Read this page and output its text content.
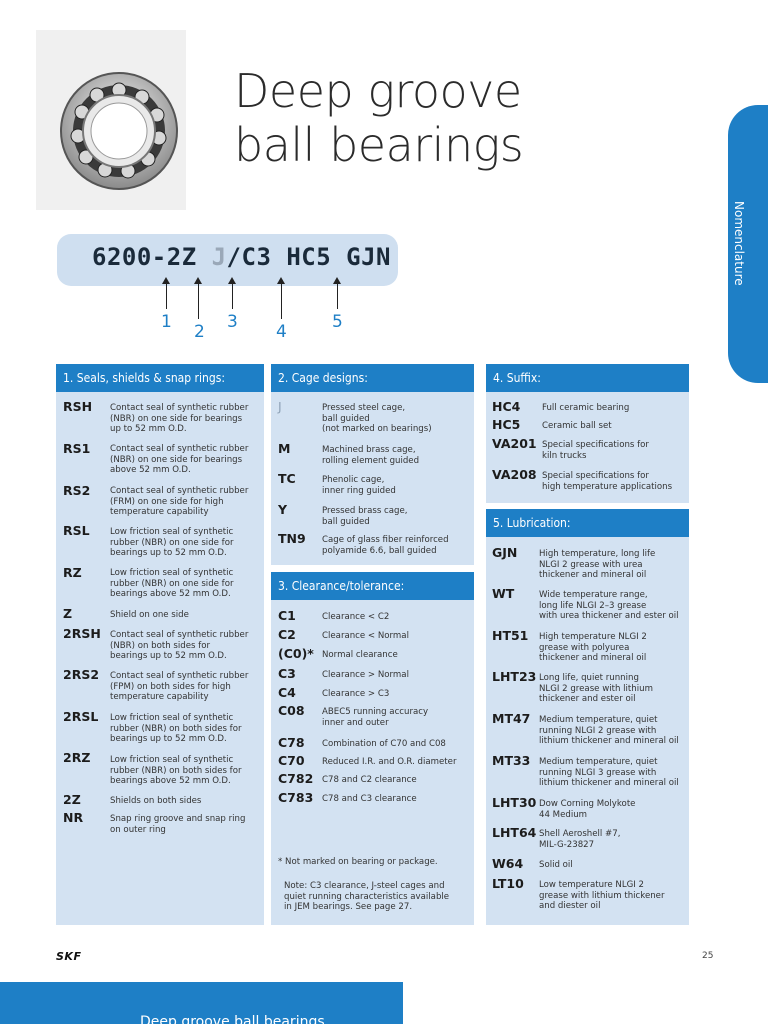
Deep groove
ball bearings
Nomenclature
6200-2Z J/C3 HC5 GJN
1 2 3 4	5
1. Seals, shields & snap rings:	2. Cage designs:
3. Clearance/tolerance:
4. Suffix:
5. Lubrication:
RSH Contact seal of synthetic rubber
(NBR) on one side for bearings
up to 52 mm O.D.
RS1 Contact seal of synthetic rubber
(NBR) on one side for bearings
above 52 mm O.D.
RS2 Contact seal of synthetic rubber
(FRM) on one side for high
temperature capability
RSL Low friction seal of synthetic
rubber (NBR) on one side for
bearings up to 52 mm O.D.
RZ	Low friction seal of synthetic
rubber (NBR) on one side for
bearings above 52 mm O.D.
Z	Shield on one side
2RSH Contact seal of synthetic rubber
(NBR) on both sides for
bearings up to 52 mm O.D.
2RS2 Contact seal of synthetic rubber
(FPM) on both sides for high
temperature capability
2RSL Low friction seal of synthetic
rubber (NBR) on both sides for
bearings up to 52 mm O.D.
2RZ Low friction seal of synthetic
rubber (NBR) on both sides for
bearings above 52 mm O.D.
2Z	Shields on both sides
NR	Snap ring groove and snap ring
on outer ring
J	Pressed steel cage,
ball guided
(not marked on bearings)
M	Machined brass cage,
rolling element guided
TC	Phenolic cage,
inner ring guided
Y	Pressed brass cage,
ball guided
TN9 Cage of glass fiber reinforced
polyamide 6.6, ball guided
C1	Clearance < C2
C2	Clearance < Normal
(C0)* Normal clearance
C3	Clearance > Normal
C4	Clearance > C3
C08 ABEC5 running accuracy
inner and outer
C78 Combination of C70 and C08
C70 Reduced I.R. and O.R. diameter
C782 C78 and C2 clearance
C783 C78 and C3 clearance
* Not marked on bearing or package.
Note: C3 clearance, J-steel cages and
quiet running characteristics available
in JEM bearings. See page 27.
HC4	Full ceramic bearing
HC5	Ceramic ball set
VA201 Special specifications for
kiln trucks
VA208 Special specifications for
high temperature applications
GJN	High temperature, long life
NLGI 2 grease with urea
thickener and mineral oil
WT	Wide temperature range,
long life NLGI 2–3 grease
with urea thickener and ester oil
HT51 High temperature NLGI 2
grease with polyurea
thickener and mineral oil
LHT23 Long life, quiet running
NLGI 2 grease with lithium
thickener and ester oil
MT47 Medium temperature, quiet
running NLGI 2 grease with
lithium thickener and mineral oil
MT33 Medium temperature, quiet
running NLGI 3 grease with
lithium thickener and mineral oil
LHT30 Dow Corning Molykote
44 Medium
LHT64 Shell Aeroshell #7,
MIL-G-23827
W64 Solid oil
LT10 Low temperature NLGI 2
grease with lithium thickener
and diester oil
SKF	25
Deep groove ball bearings
